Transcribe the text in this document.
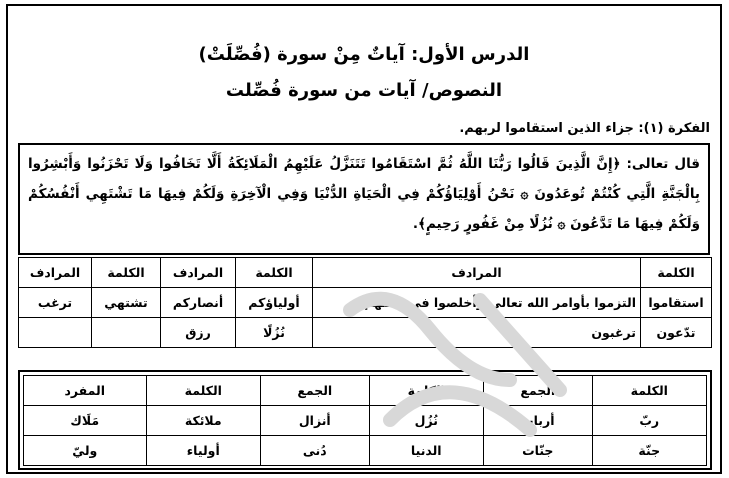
الدرس الأول: آياتٌ مِنْ سورة (فُصِّلَتْ)
النصوص/ آيات من سورة فُصِّلت
الفكرة (١): جزاء الذين استقاموا لربهم.
قال تعالى: ﴿إِنَّ الَّذِينَ قَالُوا رَبُّنَا اللَّهُ ثُمَّ اسْتَقَامُوا تَتَنَزَّلُ عَلَيْهِمُ الْمَلَائِكَةُ أَلَّا تَخَافُوا وَلَا تَحْزَنُوا وَأَبْشِرُوا بِالْجَنَّةِ الَّتِي كُنْتُمْ تُوعَدُونَ ۞ نَحْنُ أَوْلِيَاؤُكُمْ فِي الْحَيَاةِ الدُّنْيَا وَفِي الْآخِرَةِ وَلَكُمْ فِيهَا مَا تَشْتَهِي أَنْفُسُكُمْ وَلَكُمْ فِيهَا مَا تَدَّعُونَ ۞ نُزُلًا مِنْ غَفُورٍ رَحِيمٍ﴾.
الكلمة	المرادف	الكلمة	المرادف	الكلمة	المرادف
استقاموا	التزموا بأوامر الله تعالى وأخلصوا في عملهم	أولياؤكم	أنصاركم	تشتهي	ترغب
تدّعون	ترغبون	نُزُلًا	رزق		
الكلمة	الجمع	الكلمة	الجمع	الكلمة	المفرد
ربّ	أرباب	نُزُل	أنزال	ملائكة	مَلَاك
جنّة	جنّات	الدنيا	دُنى	أولياء	وليّ
